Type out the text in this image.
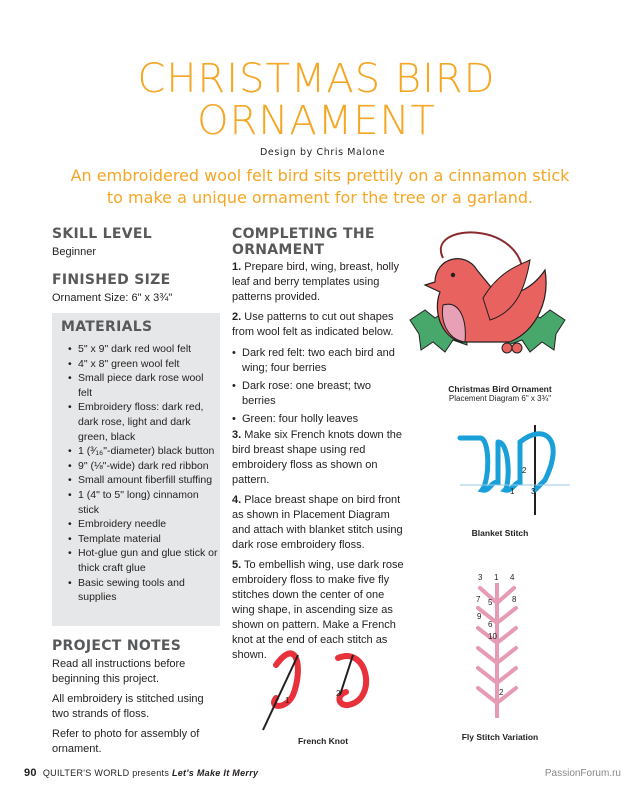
CHRISTMAS BIRD
ORNAMENT
Design by Chris Malone
An embroidered wool felt bird sits prettily on a cinnamon stick
to make a unique ornament for the tree or a garland.
SKILL LEVEL
Beginner
FINISHED SIZE
Ornament Size: 6" x 3¾"
MATERIALS
• 5" x 9" dark red wool felt
• 4" x 8" green wool felt
• Small piece dark rose wool felt
• Embroidery floss: dark red, dark rose, light and dark green, black
• 1 (³⁄₁₆"-diameter) black button
• 9" (⅛"-wide) dark red ribbon
• Small amount fiberfill stuffing
• 1 (4" to 5" long) cinnamon stick
• Embroidery needle
• Template material
• Hot-glue gun and glue stick or thick craft glue
• Basic sewing tools and supplies
PROJECT NOTES
Read all instructions before beginning this project.
All embroidery is stitched using two strands of floss.
Refer to photo for assembly of ornament.
COMPLETING THE
ORNAMENT

1. Prepare bird, wing, breast, holly leaf and berry templates using patterns provided.

2. Use patterns to cut out shapes from wool felt as indicated below.

• Dark red felt: two each bird and wing; four berries

• Dark rose: one breast; two berries

• Green: four holly leaves

3. Make six French knots down the bird breast shape using red embroidery floss as shown on pattern.

4. Place breast shape on bird front as shown in Placement Diagram and attach with blanket stitch using dark rose embroidery floss.

5. To embellish wing, use dark rose embroidery floss to make five fly stitches down the center of one wing shape, in ascending size as shown on pattern. Make a French knot at the end of each stitch as shown.

Christmas Bird Ornament
Placement Diagram 6" x 3¾"
2
1 3
Blanket Stitch
3 1 4
7 5 8
9
6
10
2
Fly Stitch Variation
1
2
French Knot
90 QUILTER'S WORLD presents Let's Make It Merry	PassionForum.ru
